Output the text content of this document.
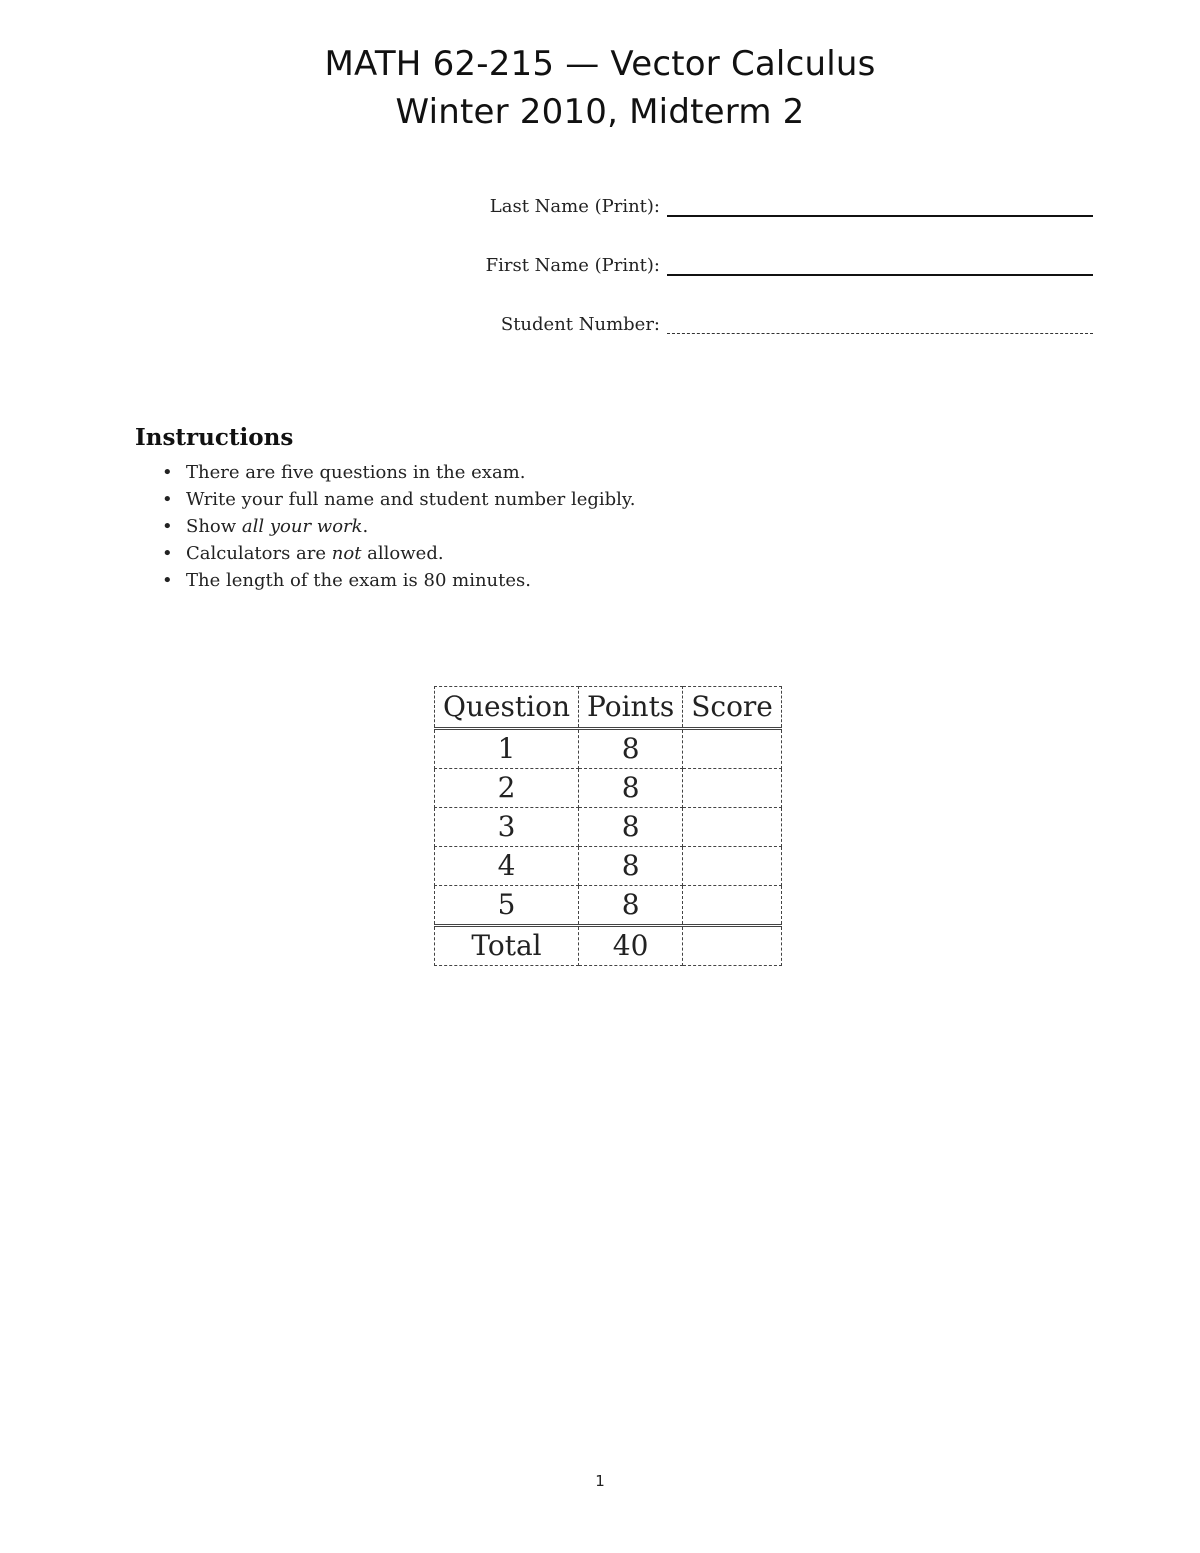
MATH 62-215 — Vector Calculus
Winter 2010, Midterm 2
Last Name (Print):
First Name (Print):
Student Number:
Instructions
• There are five questions in the exam.
• Write your full name and student number legibly.
• Show all your work.
• Calculators are not allowed.
• The length of the exam is 80 minutes.
Question	Points	Score
1	8	
2	8	
3	8	
4	8	
5	8	
Total	40	
1
